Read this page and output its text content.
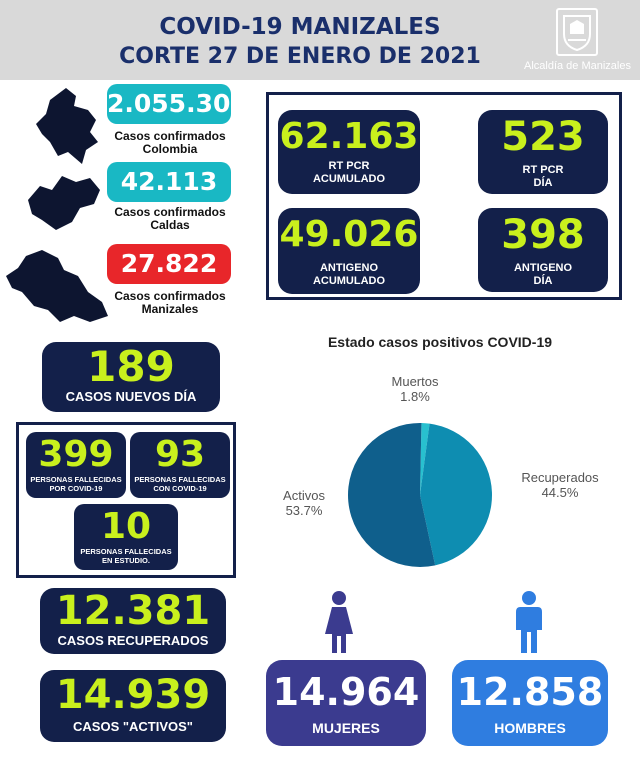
COVID-19 MANIZALES
CORTE 27 DE ENERO DE 2021	Alcaldía de Manizales
2.055.305
Casos confirmados
Colombia
42.113
Casos confirmados
Caldas
27.822
Casos confirmados
Manizales
62.163
RT PCR
ACUMULADO
523
RT PCR
DÍA
49.026
ANTIGENO
ACUMULADO
398
ANTIGENO
DÍA
189
CASOS NUEVOS DÍA
399
PERSONAS FALLECIDAS
POR COVID-19
93
PERSONAS FALLECIDAS
CON COVID-19
10
PERSONAS FALLECIDAS
EN ESTUDIO.
12.381
CASOS RECUPERADOS
14.939
CASOS "ACTIVOS"
Estado casos positivos COVID-19
Muertos
1.8%
Recuperados
44.5%
Activos
53.7%
14.964
MUJERES
12.858
HOMBRES
